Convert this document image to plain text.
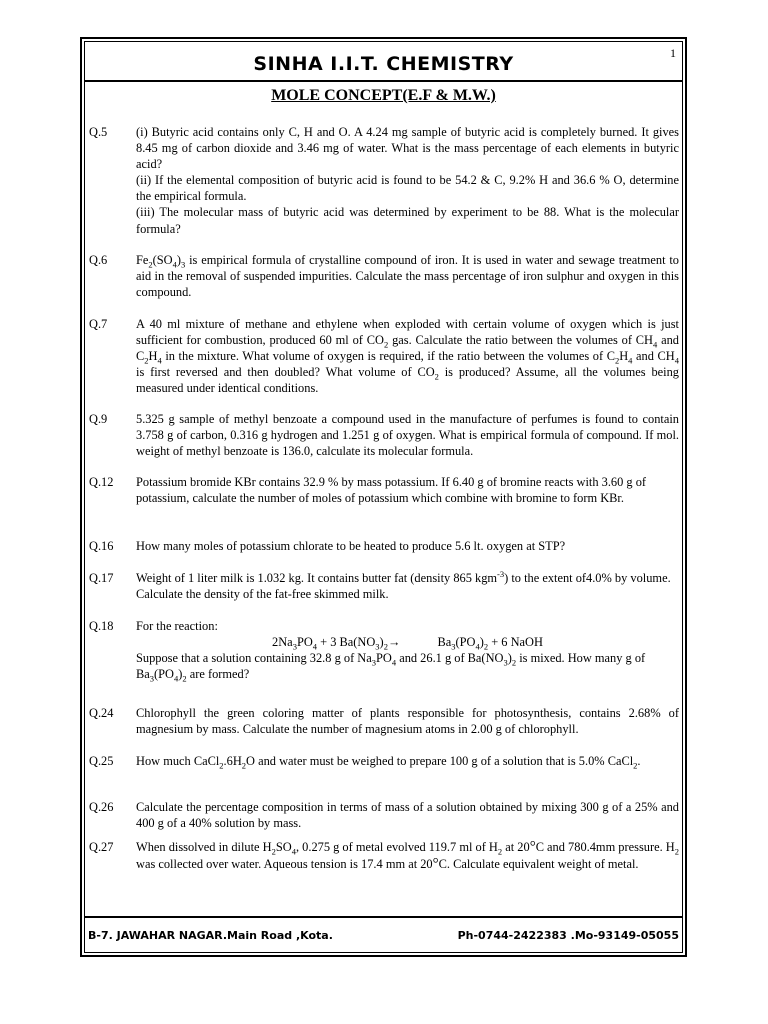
SINHA I.I.T. CHEMISTRY	1
MOLE CONCEPT(E.F & M.W.)
Q.5 (i) Butyric acid contains only C, H and O. A 4.24 mg sample of butyric acid is completely burned. It gives 8.45 mg of carbon dioxide and 3.46 mg of water. What is the mass percentage of each elements in butyric acid?

(ii) If the elemental composition of butyric acid is found to be 54.2 & C, 9.2% H and 36.6 % O, determine the empirical formula.

(iii) The molecular mass of butyric acid was determined by experiment to be 88. What is the molecular formula?

Q.6 $Fe_2(SO_4)_3$ is empirical formula of crystalline compound of iron. It is used in water and sewage treatment to aid in the removal of suspended impurities. Calculate the mass percentage of iron sulphur and oxygen in this compound.
Q.7 A 40 ml mixture of methane and ethylene when exploded with certain volume of oxygen which is just sufficient for combustion, produced 60 ml of $CO_2$ gas. Calculate the ratio between the volumes of $CH_4$ and $C_2H_4$ in the mixture. What volume of oxygen is required, if the ratio between the volumes of $C_2H_4$ and $CH_4$ is first reversed and then doubled? What volume of $CO_2$ is produced? Assume, all the volumes being measured under identical conditions.
Q.9 5.325 g sample of methyl benzoate a compound used in the manufacture of perfumes is found to contain 3.758 g of carbon, 0.316 g hydrogen and 1.251 g of oxygen. What is empirical formula of compound. If mol. weight of methyl benzoate is 136.0, calculate its molecular formula.
Q.12 Potassium bromide KBr contains 32.9 % by mass potassium. If 6.40 g of bromine reacts with 3.60 g of potassium, calculate the number of moles of potassium which combine with bromine to form KBr.
Q.16 How many moles of potassium chlorate to be heated to produce 5.6 lt. oxygen at STP?
Q.17 Weight of 1 liter milk is 1.032 kg. It contains butter fat (density 865 kgm$^{-3}$) to the extent of4.0% by volume. Calculate the density of the fat-free skimmed milk.
Q.18 For the reaction:

$2Na_3PO_4 + 3$ $Ba(NO_3)_2\to$            $Ba_3(PO_4)_2 + 6$ NaOH

Suppose that a solution containing 32.8 g of $Na_3PO_4$ and 26.1 g of $Ba(NO_3)_2$ is mixed. How many g of $Ba_3(PO_4)_2$ are formed?

Q.24 Chlorophyll the green coloring matter of plants responsible for photosynthesis, contains 2.68% of magnesium by mass. Calculate the number of magnesium atoms in 2.00 g of chlorophyll.
Q.25 How much $CaCl_2.6H_2O$ and water must be weighed to prepare 100 g of a solution that is 5.0% CaCl$_2$.
Q.26 Calculate the percentage composition in terms of mass of a solution obtained by mixing 300 g of a 25% and 400 g of a 40% solution by mass.
Q.27 When dissolved in dilute $H_2SO_4$, 0.275 g of metal evolved 119.7 ml of $H_2$ at 20°C and 780.4mm pressure. $H_2$ was collected over water. Aqueous tension is 17.4 mm at 20°C. Calculate equivalent weight of metal.
B-7. JAWAHAR NAGAR.Main Road ,Kota.	Ph-0744-2422383 .Mo-93149-05055
